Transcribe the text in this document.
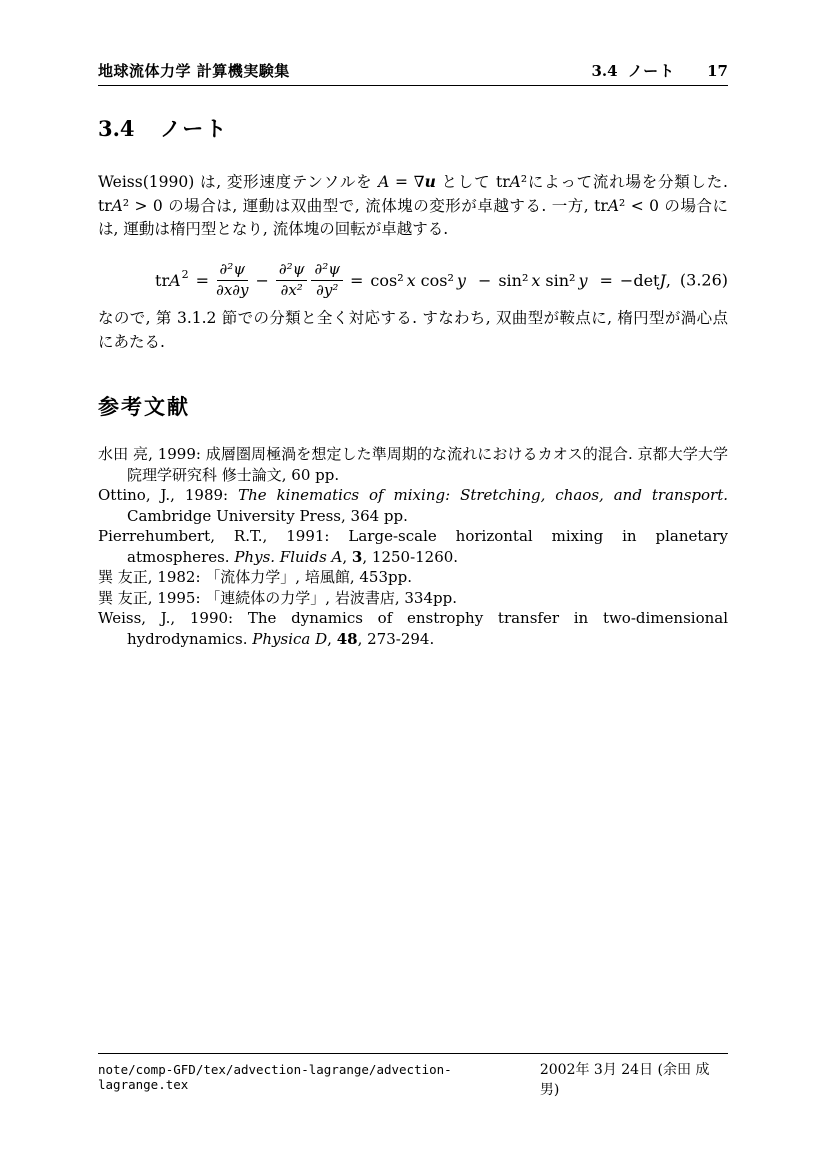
地球流体力学 計算機実験集	3.4 ノート 17
3.4 ノート

Weiss(1990) は, 変形速度テンソルを A = ∇u として trA²によって流れ場を分類した. trA² > 0 の場合は, 運動は双曲型で, 流体塊の変形が卓越する. 一方, trA² < 0 の場合には, 運動は楕円型となり, 流体塊の回転が卓越する.

tr A $2 = \frac{\text{∂²ψ}}{\partial x\partial y} - \frac{\text{∂²ψ}}{\text{∂x²}} \frac{\text{∂²ψ}}{\text{∂y²}} = \cos^2$ x cos² y − sin² x sin² y = −det J , (3.26)

なので, 第 3.1.2 節での分類と全く対応する. すなわち, 双曲型が鞍点に, 楕円型が渦心点にあたる.

参考文献
水田 亮, 1999: 成層圏周極渦を想定した準周期的な流れにおけるカオス的混合. 京都大学大学院理学研究科 修士論文, 60 pp.
Ottino, J., 1989: The kinematics of mixing: Stretching, chaos, and transport. Cambridge University Press, 364 pp.
Pierrehumbert, R.T., 1991: Large-scale horizontal mixing in planetary atmospheres. Phys. Fluids A, 3, 1250-1260.
巽 友正, 1982: 「流体力学」, 培風館, 453pp.
巽 友正, 1995: 「連続体の力学」, 岩波書店, 334pp.
Weiss, J., 1990: The dynamics of enstrophy transfer in two-dimensional hydrodynamics. Physica D, 48, 273-294.
note/comp-GFD/tex/advection-lagrange/advection-lagrange.tex
2002年 3月 24日 (余田 成男)
